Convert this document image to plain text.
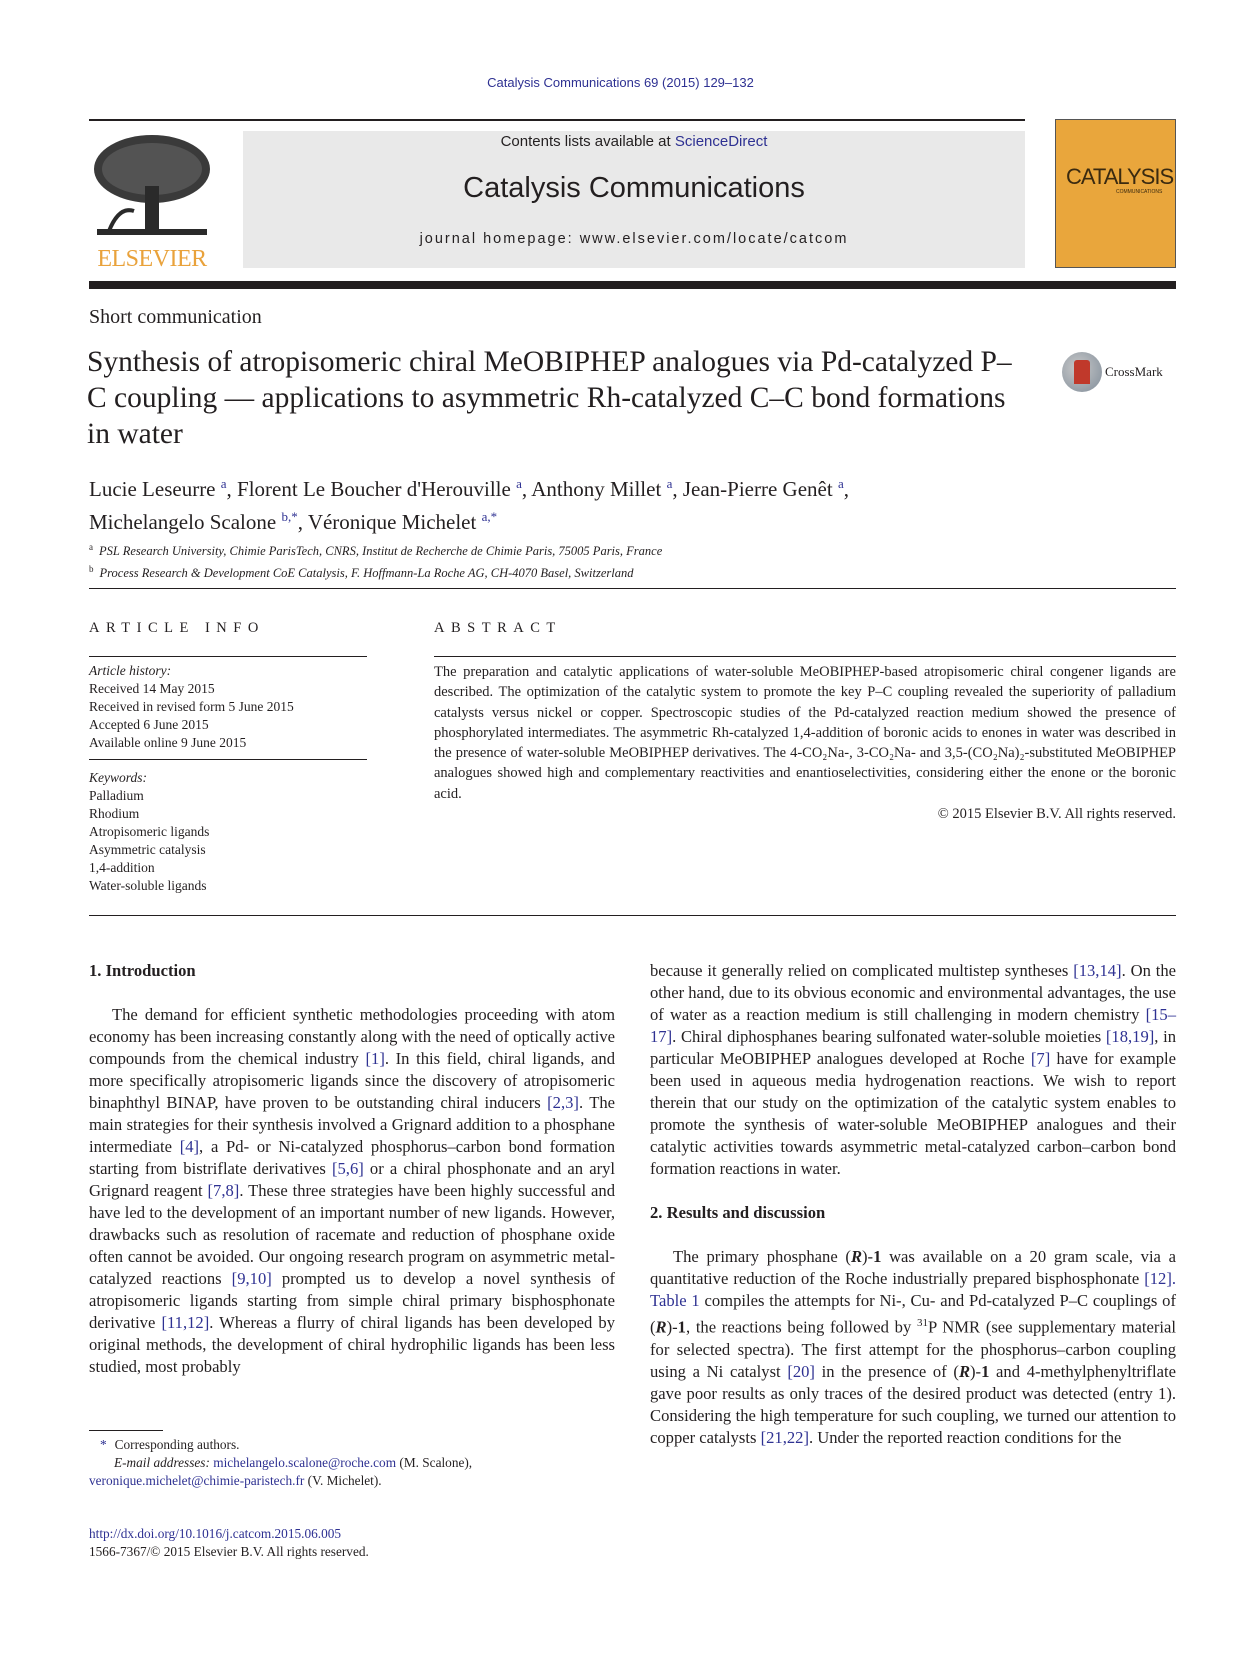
Catalysis Communications 69 (2015) 129–132
ELSEVIER
Contents lists available at ScienceDirect
Catalysis Communications
journal homepage: www.elsevier.com/locate/catcom
CATALYSIS
COMMUNICATIONS
Short communication
Synthesis of atropisomeric chiral MeOBIPHEP analogues via Pd-catalyzed P–C coupling — applications to asymmetric Rh-catalyzed C–C bond formations in water
CrossMark
Lucie Leseurre $^a$, Florent Le Boucher d'Herouville $^a$, Anthony Millet $^a$, Jean-Pierre Genêt $^a$,
Michelangelo Scalone $^{b,*}$, Véronique Michelet $^{a,*}$
$^a$ PSL Research University, Chimie ParisTech, CNRS, Institut de Recherche de Chimie Paris, 75005 Paris, France
$^b$ Process Research & Development CoE Catalysis, F. Hoffmann-La Roche AG, CH-4070 Basel, Switzerland
ARTICLE INFO
Article history:
Received 14 May 2015
Received in revised form 5 June 2015
Accepted 6 June 2015
Available online 9 June 2015
Keywords:
Palladium
Rhodium
Atropisomeric ligands
Asymmetric catalysis
1,4-addition
Water-soluble ligands
ABSTRACT
The preparation and catalytic applications of water-soluble MeOBIPHEP-based atropisomeric chiral congener ligands are described. The optimization of the catalytic system to promote the key P–C coupling revealed the superiority of palladium catalysts versus nickel or copper. Spectroscopic studies of the Pd-catalyzed reaction medium showed the presence of phosphorylated intermediates. The asymmetric Rh-catalyzed 1,4-addition of boronic acids to enones in water was described in the presence of water-soluble MeOBIPHEP derivatives. The 4-CO₂Na-, 3-CO₂Na- and 3,5-(CO₂Na)₂-substituted MeOBIPHEP analogues showed high and complementary reactivities and enantioselectivities, considering either the enone or the boronic acid.
© 2015 Elsevier B.V. All rights reserved.
1. Introduction

The demand for efficient synthetic methodologies proceeding with atom economy has been increasing constantly along with the need of optically active compounds from the chemical industry [1]. In this field, chiral ligands, and more specifically atropisomeric ligands since the discovery of atropisomeric binaphthyl BINAP, have proven to be outstanding chiral inducers [2,3]. The main strategies for their synthesis involved a Grignard addition to a phosphane intermediate [4], a Pd- or Ni-catalyzed phosphorus–carbon bond formation starting from bistriflate derivatives [5,6] or a chiral phosphonate and an aryl Grignard reagent [7,8]. These three strategies have been highly successful and have led to the development of an important number of new ligands. However, drawbacks such as resolution of racemate and reduction of phosphane oxide often cannot be avoided. Our ongoing research program on asymmetric metal-catalyzed reactions [9,10] prompted us to develop a novel synthesis of atropisomeric ligands starting from simple chiral primary bisphosphonate derivative [11,12]. Whereas a flurry of chiral ligands has been developed by original methods, the development of chiral hydrophilic ligands has been less studied, most probably

because it generally relied on complicated multistep syntheses [13,14]. On the other hand, due to its obvious economic and environmental advantages, the use of water as a reaction medium is still challenging in modern chemistry [15–17]. Chiral diphosphanes bearing sulfonated water-soluble moieties [18,19], in particular MeOBIPHEP analogues developed at Roche [7] have for example been used in aqueous media hydrogenation reactions. We wish to report therein that our study on the optimization of the catalytic system enables to promote the synthesis of water-soluble MeOBIPHEP analogues and their catalytic activities towards asymmetric metal-catalyzed carbon–carbon bond formation reactions in water.

2. Results and discussion

The primary phosphane (R)-1 was available on a 20 gram scale, via a quantitative reduction of the Roche industrially prepared bisphosphonate [12]. Table 1 compiles the attempts for Ni-, Cu- and Pd-catalyzed P–C couplings of (R)-1, the reactions being followed by $^{31}$P NMR (see supplementary material for selected spectra). The first attempt for the phosphorus–carbon coupling using a Ni catalyst [20] in the presence of (R)-1 and 4-methylphenyltriflate gave poor results as only traces of the desired product was detected (entry 1). Considering the high temperature for such coupling, we turned our attention to copper catalysts [21,22]. Under the reported reaction conditions for the

* Corresponding authors.
E-mail addresses: michelangelo.scalone@roche.com (M. Scalone),
veronique.michelet@chimie-paristech.fr (V. Michelet).
http://dx.doi.org/10.1016/j.catcom.2015.06.005
1566-7367/© 2015 Elsevier B.V. All rights reserved.
